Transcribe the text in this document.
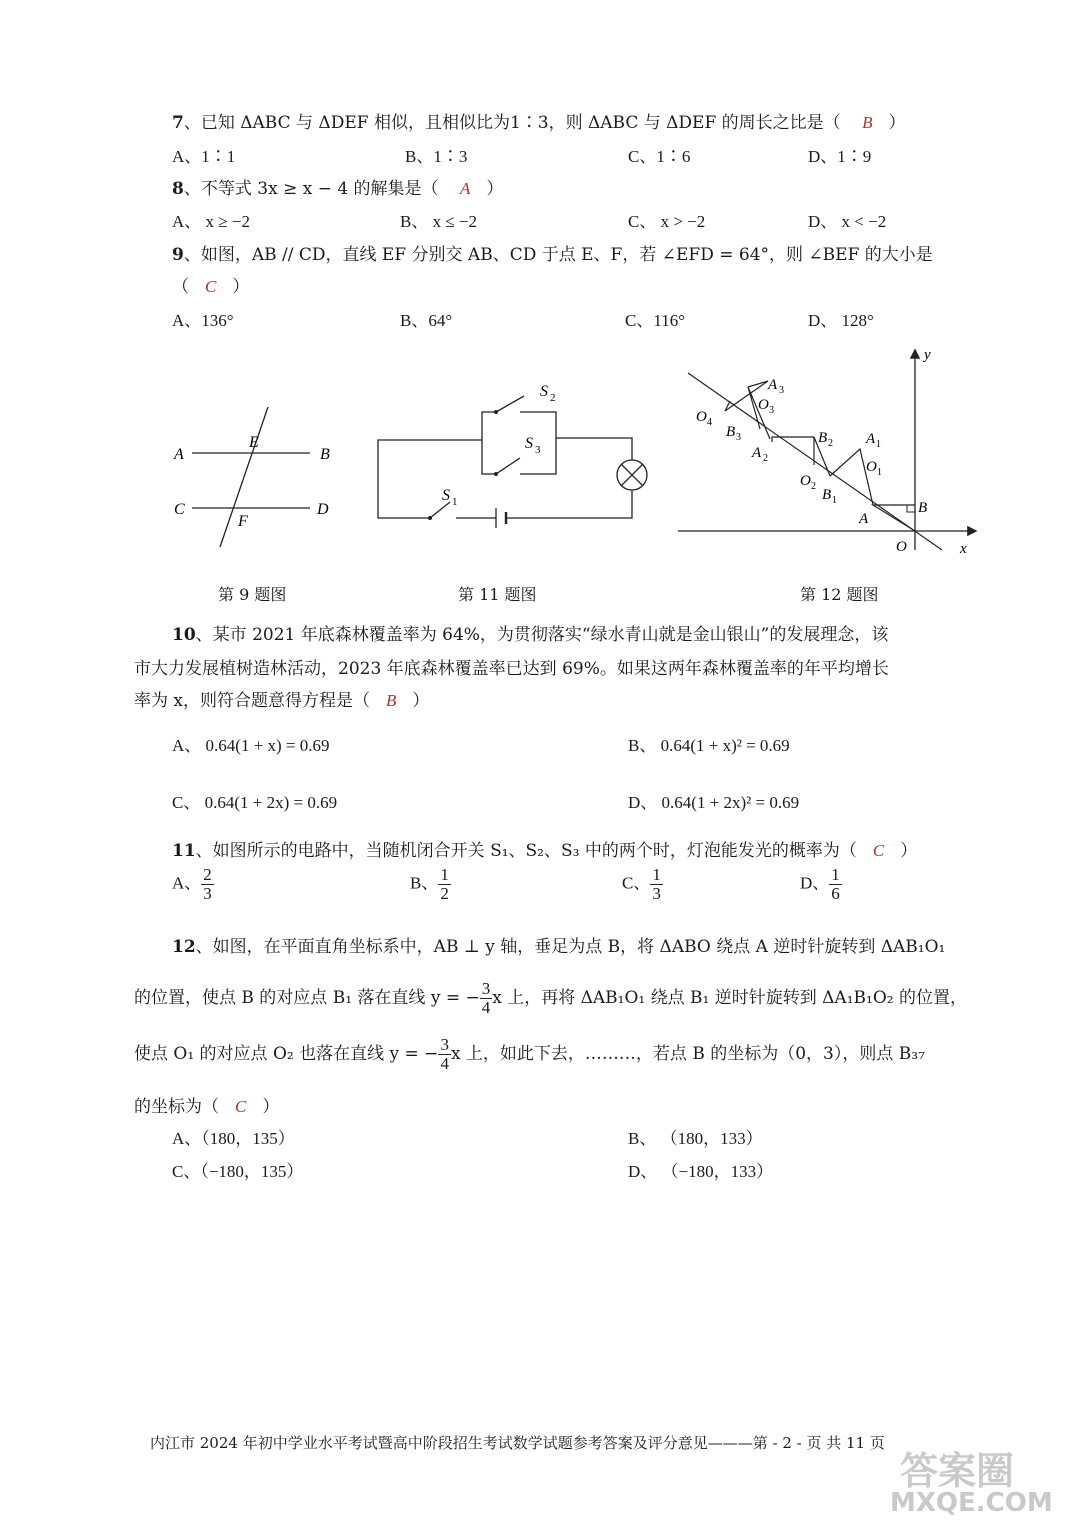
7、已知 ΔABC 与 ΔDEF 相似，且相似比为1∶3，则 ΔABC 与 ΔDEF 的周长之比是（ B ）
A、1∶1	B、1∶3	C、1∶6	D、1∶9
8、不等式 3x ≥ x − 4 的解集是（ A ）
A、 x ≥ −2	B、 x ≤ −2	C、 x > −2	D、 x < −2
9、如图，AB // CD，直线 EF 分别交 AB、CD 于点 E、F，若 ∠EFD = 64°，则 ∠BEF 的大小是
（ C ）
A、136°	B、64°	C、116°	D、 128°
A
E
B
C
F
D
第 9 题图
S 2
S 3
S 1
第 11 题图
y
x
O
B
A
A 1
B 1
O 1
B 2
O 2
A 2
B 3
O 3
A 3
O 4
第 12 题图
10、某市 2021 年底森林覆盖率为 64%，为贯彻落实“绿水青山就是金山银山”的发展理念，该
市大力发展植树造林活动，2023 年底森林覆盖率已达到 69%。如果这两年森林覆盖率的年平均增长
率为 x，则符合题意得方程是（ B ）
A、 0.64(1 + x) = 0.69	B、 0.64(1 + x)² = 0.69
C、 0.64(1 + 2x) = 0.69	D、 0.64(1 + 2x)² = 0.69
11、如图所示的电路中，当随机闭合开关 S₁、S₂、S₃ 中的两个时，灯泡能发光的概率为（ C ）
A、 $\frac{2}{3}$	B、 $\frac{1}{2}$	C、 $\frac{1}{3}$	D、 $\frac{1}{6}$
12、如图，在平面直角坐标系中，AB ⊥ y 轴，垂足为点 B，将 ΔABO 绕点 A 逆时针旋转到 ΔAB₁O₁
的位置，使点 B 的对应点 B₁ 落在直线 y = − $\frac{3}{4}$ x 上，再将 ΔAB₁O₁ 绕点 B₁ 逆时针旋转到 ΔA₁B₁O₂ 的位置，
使点 O₁ 的对应点 O₂ 也落在直线 y = − $\frac{3}{4}$ x 上，如此下去，………，若点 B 的坐标为（0，3），则点 B₃₇
的坐标为（ C ）
A、（180，135）	B、 （180，133）
C、（−180，135）	D、 （−180，133）
内江市 2024 年初中学业水平考试暨高中阶段招生考试数学试题参考答案及评分意见———第 - 2 - 页 共 11 页
答案圈
MXQE.COM
